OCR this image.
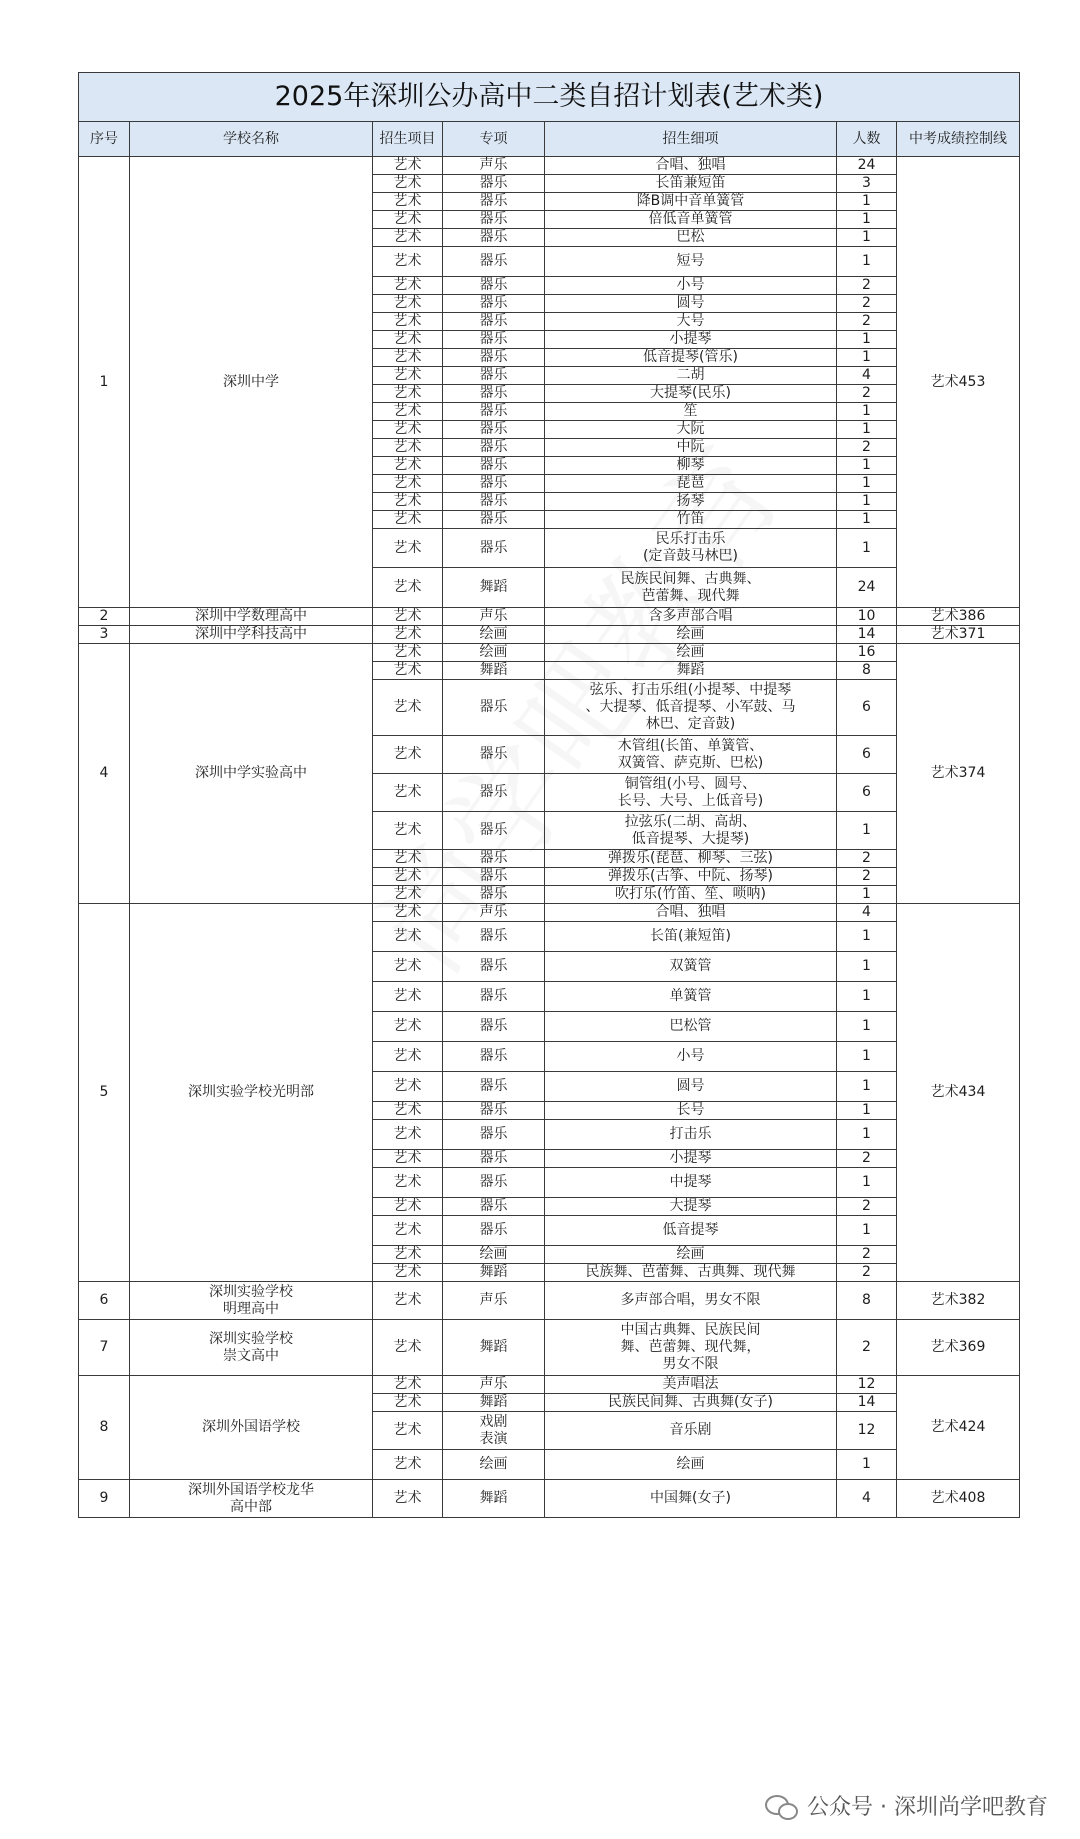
2025年深圳公办高中二类自招计划表(艺术类)						
序号	学校名称	招生项目	专项	招生细项	人数	中考成绩控制线
1	深圳中学	艺术	声乐	合唱、独唱	24	艺术453
		艺术	器乐	长笛兼短笛	3	
		艺术	器乐	降B调中音单簧管	1	
		艺术	器乐	倍低音单簧管	1	
		艺术	器乐	巴松	1	
		艺术	器乐	短号	1	
		艺术	器乐	小号	2	
		艺术	器乐	圆号	2	
		艺术	器乐	大号	2	
		艺术	器乐	小提琴	1	
		艺术	器乐	低音提琴(管乐)	1	
		艺术	器乐	二胡	4	
		艺术	器乐	大提琴(民乐)	2	
		艺术	器乐	笙	1	
		艺术	器乐	大阮	1	
		艺术	器乐	中阮	2	
		艺术	器乐	柳琴	1	
		艺术	器乐	琵琶	1	
		艺术	器乐	扬琴	1	
		艺术	器乐	竹笛	1	
		艺术	器乐	民乐打击乐
(定音鼓马林巴)	1	
		艺术	舞蹈	民族民间舞、古典舞、
芭蕾舞、现代舞	24	
2	深圳中学数理高中	艺术	声乐	含多声部合唱	10	艺术386
3	深圳中学科技高中	艺术	绘画	绘画	14	艺术371
4	深圳中学实验高中	艺术	绘画	绘画	16	艺术374
		艺术	舞蹈	舞蹈	8	
		艺术	器乐	弦乐、打击乐组(小提琴、中提琴
、大提琴、低音提琴、小军鼓、马
林巴、定音鼓)	6	
		艺术	器乐	木管组(长笛、单簧管、
双簧管、萨克斯、巴松)	6	
		艺术	器乐	铜管组(小号、圆号、
长号、大号、上低音号)	6	
		艺术	器乐	拉弦乐(二胡、高胡、
低音提琴、大提琴)	1	
		艺术	器乐	弹拨乐(琵琶、柳琴、三弦)	2	
		艺术	器乐	弹拨乐(古筝、中阮、扬琴)	2	
		艺术	器乐	吹打乐(竹笛、笙、唢呐)	1	
5	深圳实验学校光明部	艺术	声乐	合唱、独唱	4	艺术434
		艺术	器乐	长笛(兼短笛)	1	
		艺术	器乐	双簧管	1	
		艺术	器乐	单簧管	1	
		艺术	器乐	巴松管	1	
		艺术	器乐	小号	1	
		艺术	器乐	圆号	1	
		艺术	器乐	长号	1	
		艺术	器乐	打击乐	1	
		艺术	器乐	小提琴	2	
		艺术	器乐	中提琴	1	
		艺术	器乐	大提琴	2	
		艺术	器乐	低音提琴	1	
		艺术	绘画	绘画	2	
		艺术	舞蹈	民族舞、芭蕾舞、古典舞、现代舞	2	
6	深圳实验学校
明理高中	艺术	声乐	多声部合唱，男女不限	8	艺术382
7	深圳实验学校
崇文高中	艺术	舞蹈	中国古典舞、民族民间
舞、芭蕾舞、现代舞，
男女不限	2	艺术369
8	深圳外国语学校	艺术	声乐	美声唱法	12	艺术424
		艺术	舞蹈	民族民间舞、古典舞(女子)	14	
		艺术	戏剧
表演	音乐剧	12	
		艺术	绘画	绘画	1	
9	深圳外国语学校龙华
高中部	艺术	舞蹈	中国舞(女子)	4	艺术408
公众号 · 深圳尚学吧教育
